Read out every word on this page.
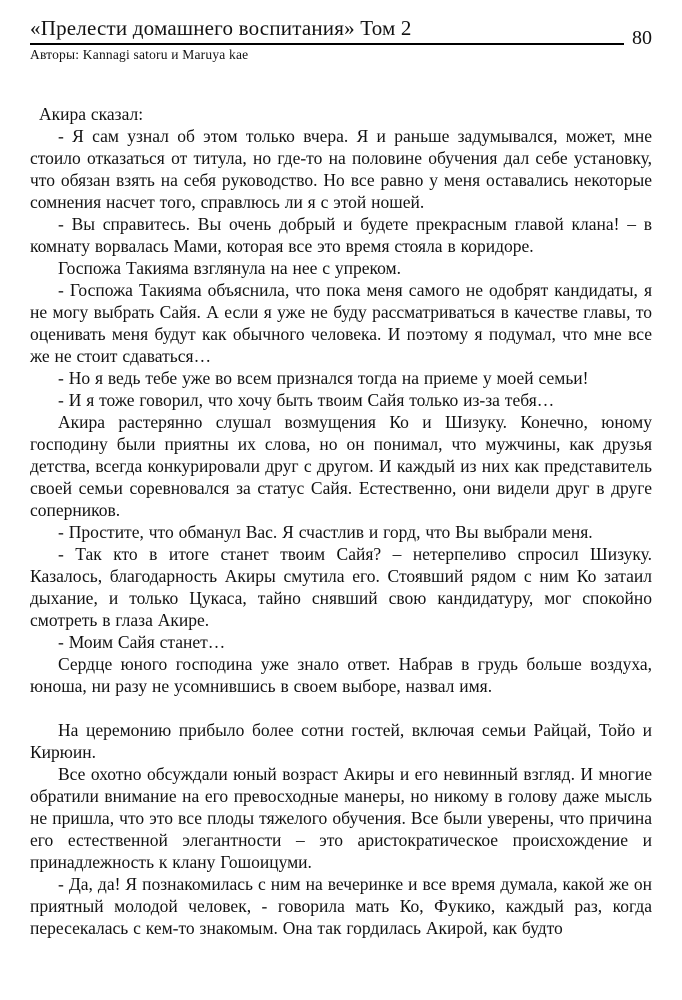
«Прелести домашнего воспитания» Том 2	80
Авторы: Kannagi satoru и Maruya kae

Акира сказал:

- Я сам узнал об этом только вчера. Я и раньше задумывался, может, мне стоило отказаться от титула, но где-то на половине обучения дал себе установку, что обязан взять на себя руководство. Но все равно у меня оставались некоторые сомнения насчет того, справлюсь ли я с этой ношей.

- Вы справитесь. Вы очень добрый и будете прекрасным главой клана! – в комнату ворвалась Мами, которая все это время стояла в коридоре.

Госпожа Такияма взглянула на нее с упреком.

- Госпожа Такияма объяснила, что пока меня самого не одобрят кандидаты, я не могу выбрать Сайя. А если я уже не буду рассматриваться в качестве главы, то оценивать меня будут как обычного человека. И поэтому я подумал, что мне все же не стоит сдаваться…

- Но я ведь тебе уже во всем признался тогда на приеме у моей семьи!

- И я тоже говорил, что хочу быть твоим Сайя только из-за тебя…

Акира растерянно слушал возмущения Ко и Шизуку. Конечно, юному господину были приятны их слова, но он понимал, что мужчины, как друзья детства, всегда конкурировали друг с другом. И каждый из них как представитель своей семьи соревновался за статус Сайя. Естественно, они видели друг в друге соперников.

- Простите, что обманул Вас. Я счастлив и горд, что Вы выбрали меня.

- Так кто в итоге станет твоим Сайя? – нетерпеливо спросил Шизуку. Казалось, благодарность Акиры смутила его. Стоявший рядом с ним Ко затаил дыхание, и только Цукаса, тайно снявший свою кандидатуру, мог спокойно смотреть в глаза Акире.

- Моим Сайя станет…

Сердце юного господина уже знало ответ. Набрав в грудь больше воздуха, юноша, ни разу не усомнившись в своем выборе, назвал имя.

На церемонию прибыло более сотни гостей, включая семьи Райцай, Тойо и Кирюин.

Все охотно обсуждали юный возраст Акиры и его невинный взгляд. И многие обратили внимание на его превосходные манеры, но никому в голову даже мысль не пришла, что это все плоды тяжелого обучения. Все были уверены, что причина его естественной элегантности – это аристократическое происхождение и принадлежность к клану Гошоицуми.

- Да, да! Я познакомилась с ним на вечеринке и все время думала, какой же он приятный молодой человек, - говорила мать Ко, Фукико, каждый раз, когда пересекалась с кем-то знакомым. Она так гордилась Акирой, как будто
